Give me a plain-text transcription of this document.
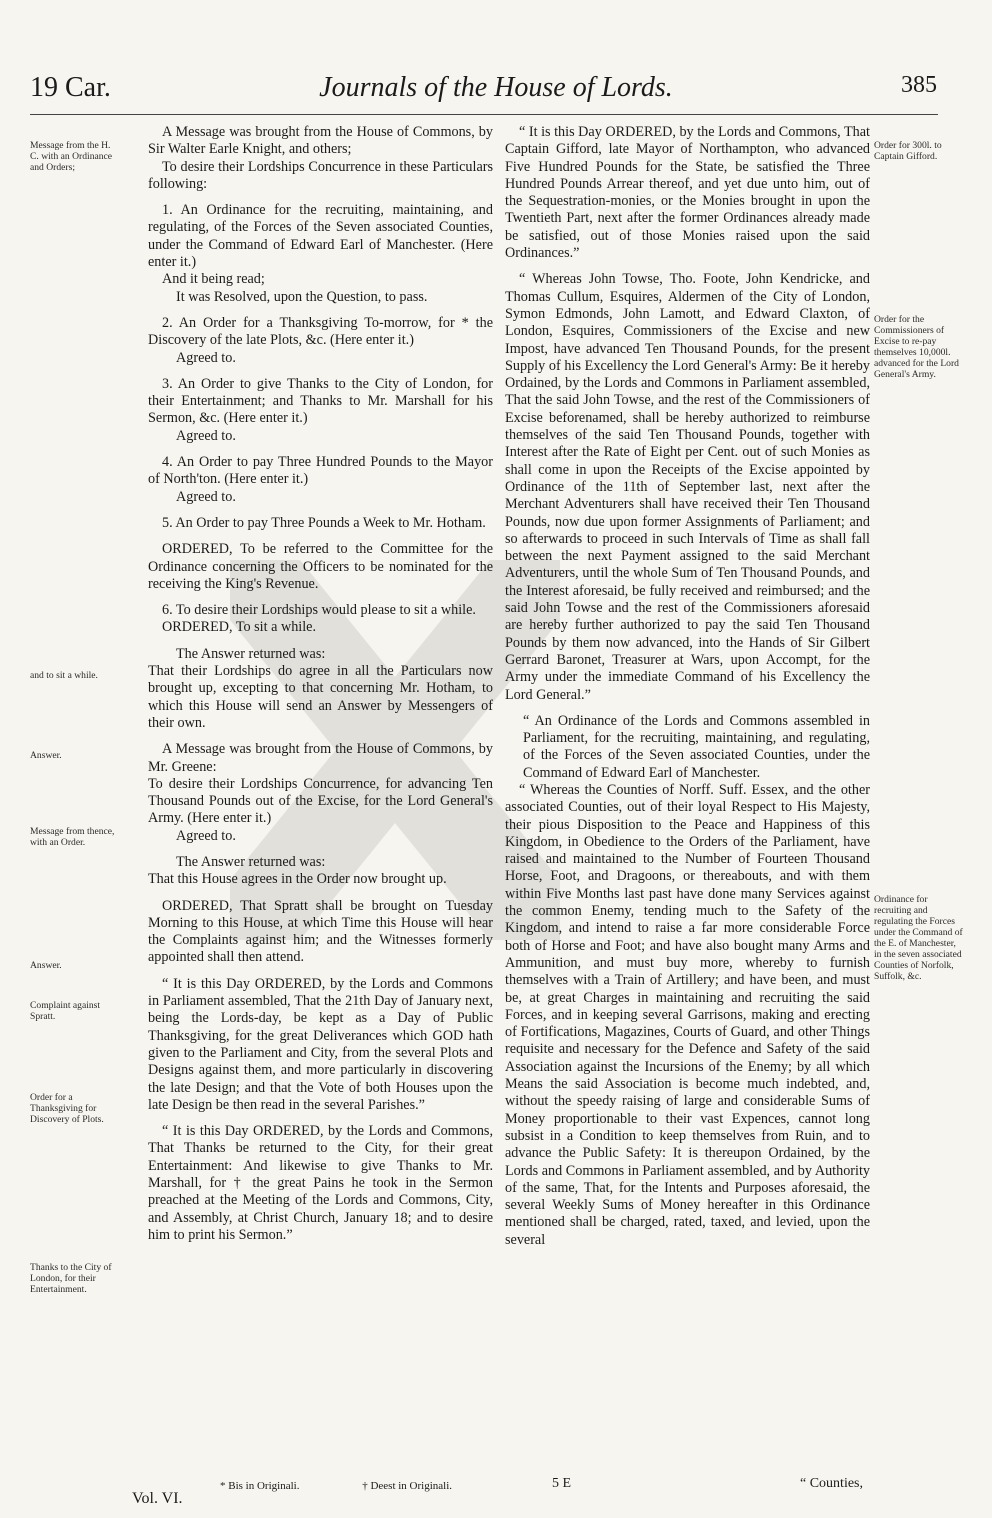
19 Car.	Journals of the House of Lords.	385

A Message was brought from the House of Commons, by Sir Walter Earle Knight, and others;

To desire their Lordships Concurrence in these Particulars following:

1. An Ordinance for the recruiting, maintaining, and regulating, of the Forces of the Seven associated Counties, under the Command of Edward Earl of Manchester. (Here enter it.)

And it being read;

It was Resolved, upon the Question, to pass.

2. An Order for a Thanksgiving To-morrow, for * the Discovery of the late Plots, &c. (Here enter it.)

Agreed to.

3. An Order to give Thanks to the City of London, for their Entertainment; and Thanks to Mr. Marshall for his Sermon, &c. (Here enter it.)

Agreed to.

4. An Order to pay Three Hundred Pounds to the Mayor of North'ton. (Here enter it.)

Agreed to.

5. An Order to pay Three Pounds a Week to Mr. Hotham.

ORDERED, To be referred to the Committee for the Ordinance concerning the Officers to be nominated for the receiving the King's Revenue.

6. To desire their Lordships would please to sit a while.

ORDERED, To sit a while.

The Answer returned was:

That their Lordships do agree in all the Particulars now brought up, excepting to that concerning Mr. Hotham, to which this House will send an Answer by Messengers of their own.

A Message was brought from the House of Commons, by Mr. Greene:

To desire their Lordships Concurrence, for advancing Ten Thousand Pounds out of the Excise, for the Lord General's Army. (Here enter it.)

Agreed to.

The Answer returned was:

That this House agrees in the Order now brought up.

ORDERED, That Spratt shall be brought on Tuesday Morning to this House, at which Time this House will hear the Complaints against him; and the Witnesses formerly appointed shall then attend.

“ It is this Day ORDERED, by the Lords and Commons in Parliament assembled, That the 21th Day of January next, being the Lords-day, be kept as a Day of Public Thanksgiving, for the great Deliverances which GOD hath given to the Parliament and City, from the several Plots and Designs against them, and more particularly in discovering the late Design; and that the Vote of both Houses upon the late Design be then read in the several Parishes.”

“ It is this Day ORDERED, by the Lords and Commons, That Thanks be returned to the City, for their great Entertainment: And likewise to give Thanks to Mr. Marshall, for † the great Pains he took in the Sermon preached at the Meeting of the Lords and Commons, City, and Assembly, at Christ Church, January 18; and to desire him to print his Sermon.”

“ It is this Day ORDERED, by the Lords and Commons, That Captain Gifford, late Mayor of Northampton, who advanced Five Hundred Pounds for the State, be satisfied the Three Hundred Pounds Arrear thereof, and yet due unto him, out of the Sequestration-monies, or the Monies brought in upon the Twentieth Part, next after the former Ordinances already made be satisfied, out of those Monies raised upon the said Ordinances.”

“ Whereas John Towse, Tho. Foote, John Kendricke, and Thomas Cullum, Esquires, Aldermen of the City of London, Symon Edmonds, John Lamott, and Edward Claxton, of London, Esquires, Commissioners of the Excise and new Impost, have advanced Ten Thousand Pounds, for the present Supply of his Excellency the Lord General's Army: Be it hereby Ordained, by the Lords and Commons in Parliament assembled, That the said John Towse, and the rest of the Commissioners of Excise beforenamed, shall be hereby authorized to reimburse themselves of the said Ten Thousand Pounds, together with Interest after the Rate of Eight per Cent. out of such Monies as shall come in upon the Receipts of the Excise appointed by Ordinance of the 11th of September last, next after the Merchant Adventurers shall have received their Ten Thousand Pounds, now due upon former Assignments of Parliament; and so afterwards to proceed in such Intervals of Time as shall fall between the next Payment assigned to the said Merchant Adventurers, until the whole Sum of Ten Thousand Pounds, and the Interest aforesaid, be fully received and reimbursed; and the said John Towse and the rest of the Commissioners aforesaid are hereby further authorized to pay the said Ten Thousand Pounds by them now advanced, into the Hands of Sir Gilbert Gerrard Baronet, Treasurer at Wars, upon Accompt, for the Army under the immediate Command of his Excellency the Lord General.”

“ An Ordinance of the Lords and Commons assembled in Parliament, for the recruiting, maintaining, and regulating, of the Forces of the Seven associated Counties, under the Command of Edward Earl of Manchester.

“ Whereas the Counties of Norff. Suff. Essex, and the other associated Counties, out of their loyal Respect to His Majesty, their pious Disposition to the Peace and Happiness of this Kingdom, in Obedience to the Orders of the Parliament, have raised and maintained to the Number of Fourteen Thousand Horse, Foot, and Dragoons, or thereabouts, and with them within Five Months last past have done many Services against the common Enemy, tending much to the Safety of the Kingdom, and intend to raise a far more considerable Force both of Horse and Foot; and have also bought many Arms and Ammunition, and must buy more, whereby to furnish themselves with a Train of Artillery; and have been, and must be, at great Charges in maintaining and recruiting the said Forces, and in keeping several Garrisons, making and erecting of Fortifications, Magazines, Courts of Guard, and other Things requisite and necessary for the Defence and Safety of the said Association against the Incursions of the Enemy; by all which Means the said Association is become much indebted, and, without the speedy raising of large and considerable Sums of Money proportionable to their vast Expences, cannot long subsist in a Condition to keep themselves from Ruin, and to advance the Public Safety: It is thereupon Ordained, by the Lords and Commons in Parliament assembled, and by Authority of the same, That, for the Intents and Purposes aforesaid, the several Weekly Sums of Money hereafter in this Ordinance mentioned shall be charged, rated, taxed, and levied, upon the several

Message from the H. C. with an Ordinance and Orders;
and to sit a while.
Answer.
Message from thence, with an Order.
Answer.
Complaint against Spratt.
Order for a Thanksgiving for Discovery of Plots.
Thanks to the City of London, for their Entertainment.
Order for 300l. to Captain Gifford.
Order for the Commissioners of Excise to re-pay themselves 10,000l. advanced for the Lord General's Army.
Ordinance for recruiting and regulating the Forces under the Command of the E. of Manchester, in the seven associated Counties of Norfolk, Suffolk, &c.
* Bis in Originali.	† Deest in Originali.
Vol. VI.
5 E	“ Counties,
